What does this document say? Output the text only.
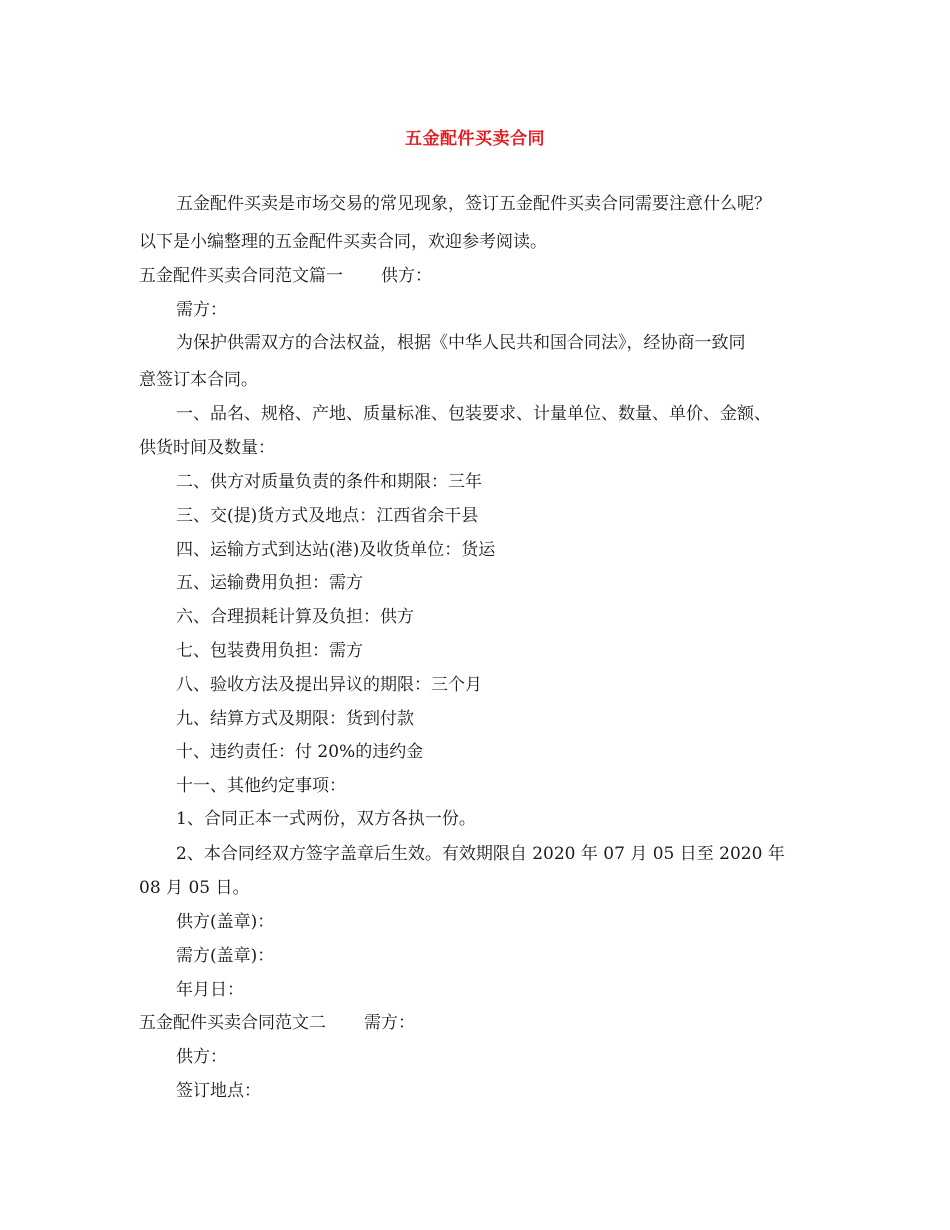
五金配件买卖合同
五金配件买卖是市场交易的常见现象，签订五金配件买卖合同需要注意什么呢？
以下是小编整理的五金配件买卖合同，欢迎参考阅读。
五金配件买卖合同范文篇一 供方：
需方：
为保护供需双方的合法权益，根据《中华人民共和国合同法》，经协商一致同
意签订本合同。
一、品名、规格、产地、质量标准、包装要求、计量单位、数量、单价、金额、
供货时间及数量：
二、供方对质量负责的条件和期限：三年
三、交(提)货方式及地点：江西省余干县
四、运输方式到达站(港)及收货单位：货运
五、运输费用负担：需方
六、合理损耗计算及负担：供方
七、包装费用负担：需方
八、验收方法及提出异议的期限：三个月
九、结算方式及期限：货到付款
十、违约责任：付 20%的违约金
十一、其他约定事项：
1、合同正本一式两份，双方各执一份。
2、本合同经双方签字盖章后生效。有效期限自 2020 年 07 月 05 日至 2020 年
08 月 05 日。
供方(盖章)：
需方(盖章)：
年月日：
五金配件买卖合同范文二 需方：
供方：
签订地点：
